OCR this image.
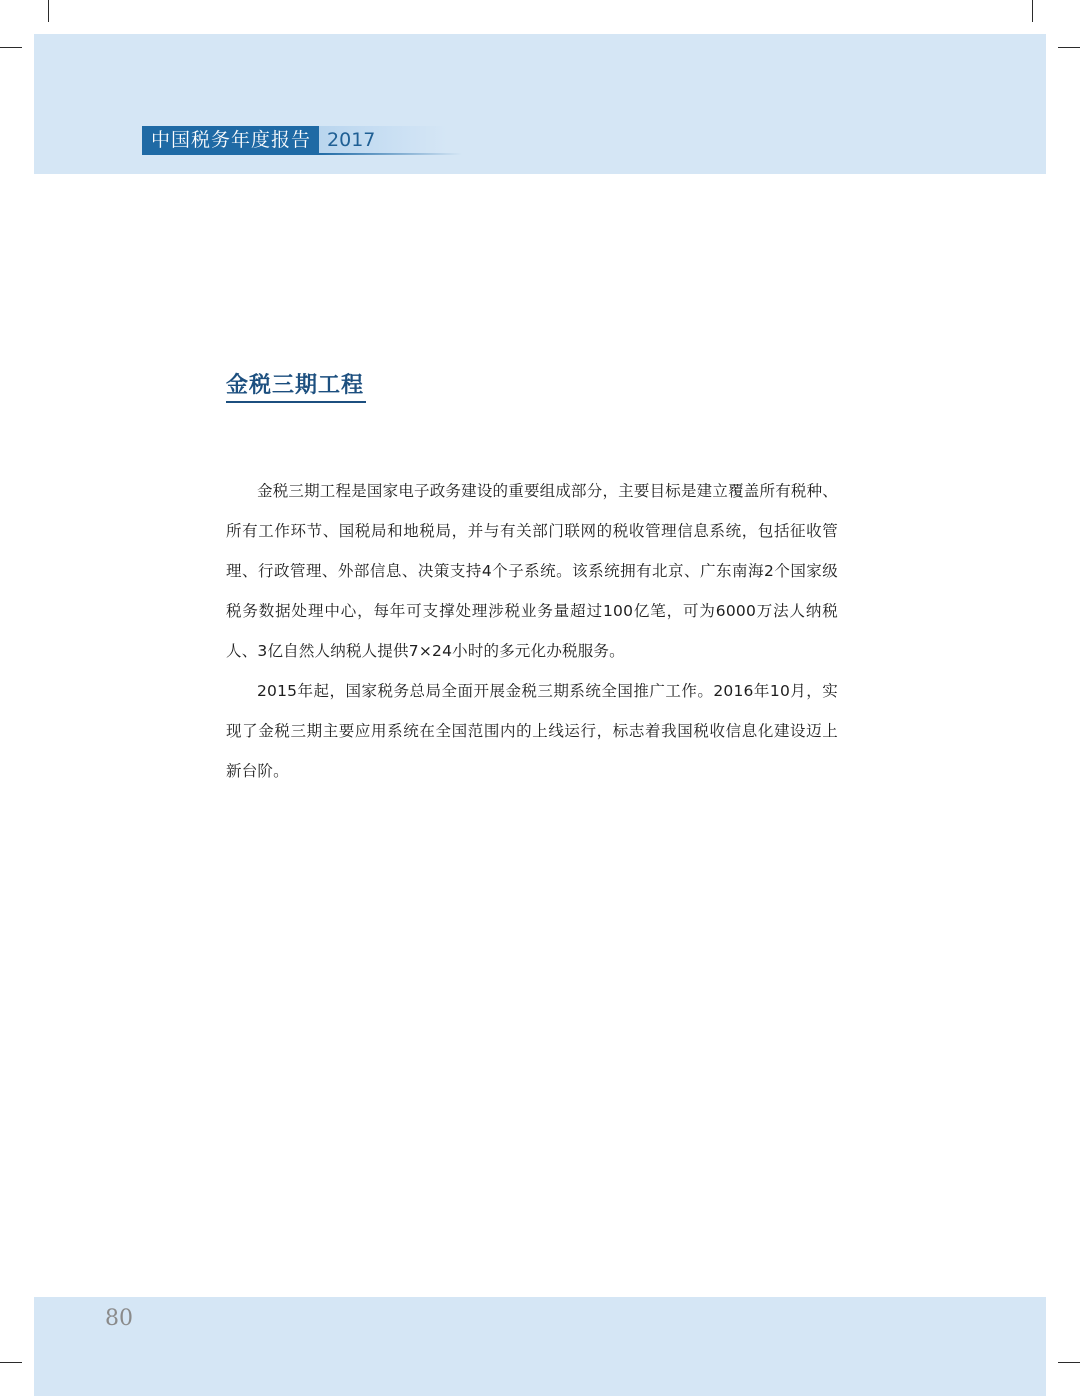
中国税务年度报告 2017
金税三期工程

金税三期工程是国家电子政务建设的重要组成部分，主要目标是建立覆盖所有税种、所有工作环节、国税局和地税局，并与有关部门联网的税收管理信息系统，包括征收管理、行政管理、外部信息、决策支持4个子系统。该系统拥有北京、广东南海2个国家级税务数据处理中心，每年可支撑处理涉税业务量超过100亿笔，可为6000万法人纳税人、3亿自然人纳税人提供7×24小时的多元化办税服务。

2015年起，国家税务总局全面开展金税三期系统全国推广工作。2016年10月，实现了金税三期主要应用系统在全国范围内的上线运行，标志着我国税收信息化建设迈上新台阶。

80
